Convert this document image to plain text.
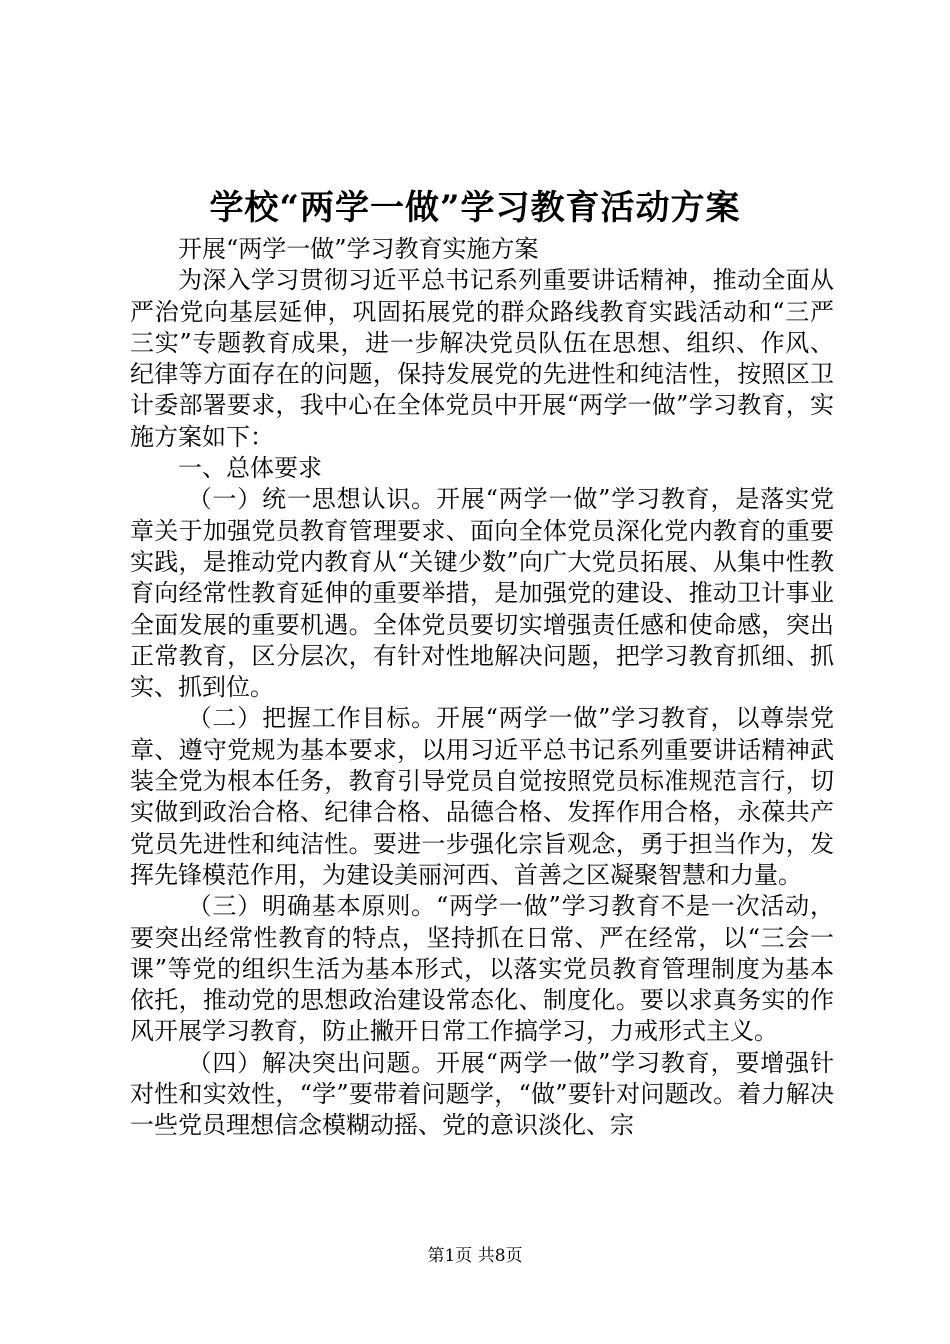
学校“两学一做”学习教育活动方案

开展“两学一做”学习教育实施方案

为深入学习贯彻习近平总书记系列重要讲话精神，推动全面从严治党向基层延伸，巩固拓展党的群众路线教育实践活动和“三严三实”专题教育成果，进一步解决党员队伍在思想、组织、作风、纪律等方面存在的问题，保持发展党的先进性和纯洁性，按照区卫计委部署要求，我中心在全体党员中开展“两学一做”学习教育，实施方案如下：

一、总体要求

（一）统一思想认识。开展“两学一做”学习教育，是落实党章关于加强党员教育管理要求、面向全体党员深化党内教育的重要实践，是推动党内教育从“关键少数”向广大党员拓展、从集中性教育向经常性教育延伸的重要举措，是加强党的建设、推动卫计事业全面发展的重要机遇。全体党员要切实增强责任感和使命感，突出正常教育，区分层次，有针对性地解决问题，把学习教育抓细、抓实、抓到位。

（二）把握工作目标。开展“两学一做”学习教育，以尊崇党章、遵守党规为基本要求，以用习近平总书记系列重要讲话精神武装全党为根本任务，教育引导党员自觉按照党员标准规范言行，切实做到政治合格、纪律合格、品德合格、发挥作用合格，永葆共产党员先进性和纯洁性。要进一步强化宗旨观念，勇于担当作为，发挥先锋模范作用，为建设美丽河西、首善之区凝聚智慧和力量。

（三）明确基本原则。“两学一做”学习教育不是一次活动，要突出经常性教育的特点，坚持抓在日常、严在经常，以“三会一课”等党的组织生活为基本形式，以落实党员教育管理制度为基本依托，推动党的思想政治建设常态化、制度化。要以求真务实的作风开展学习教育，防止撇开日常工作搞学习，力戒形式主义。

（四）解决突出问题。开展“两学一做”学习教育，要增强针对性和实效性，“学”要带着问题学，“做”要针对问题改。着力解决一些党员理想信念模糊动摇、党的意识淡化、宗

第1页 共8页
